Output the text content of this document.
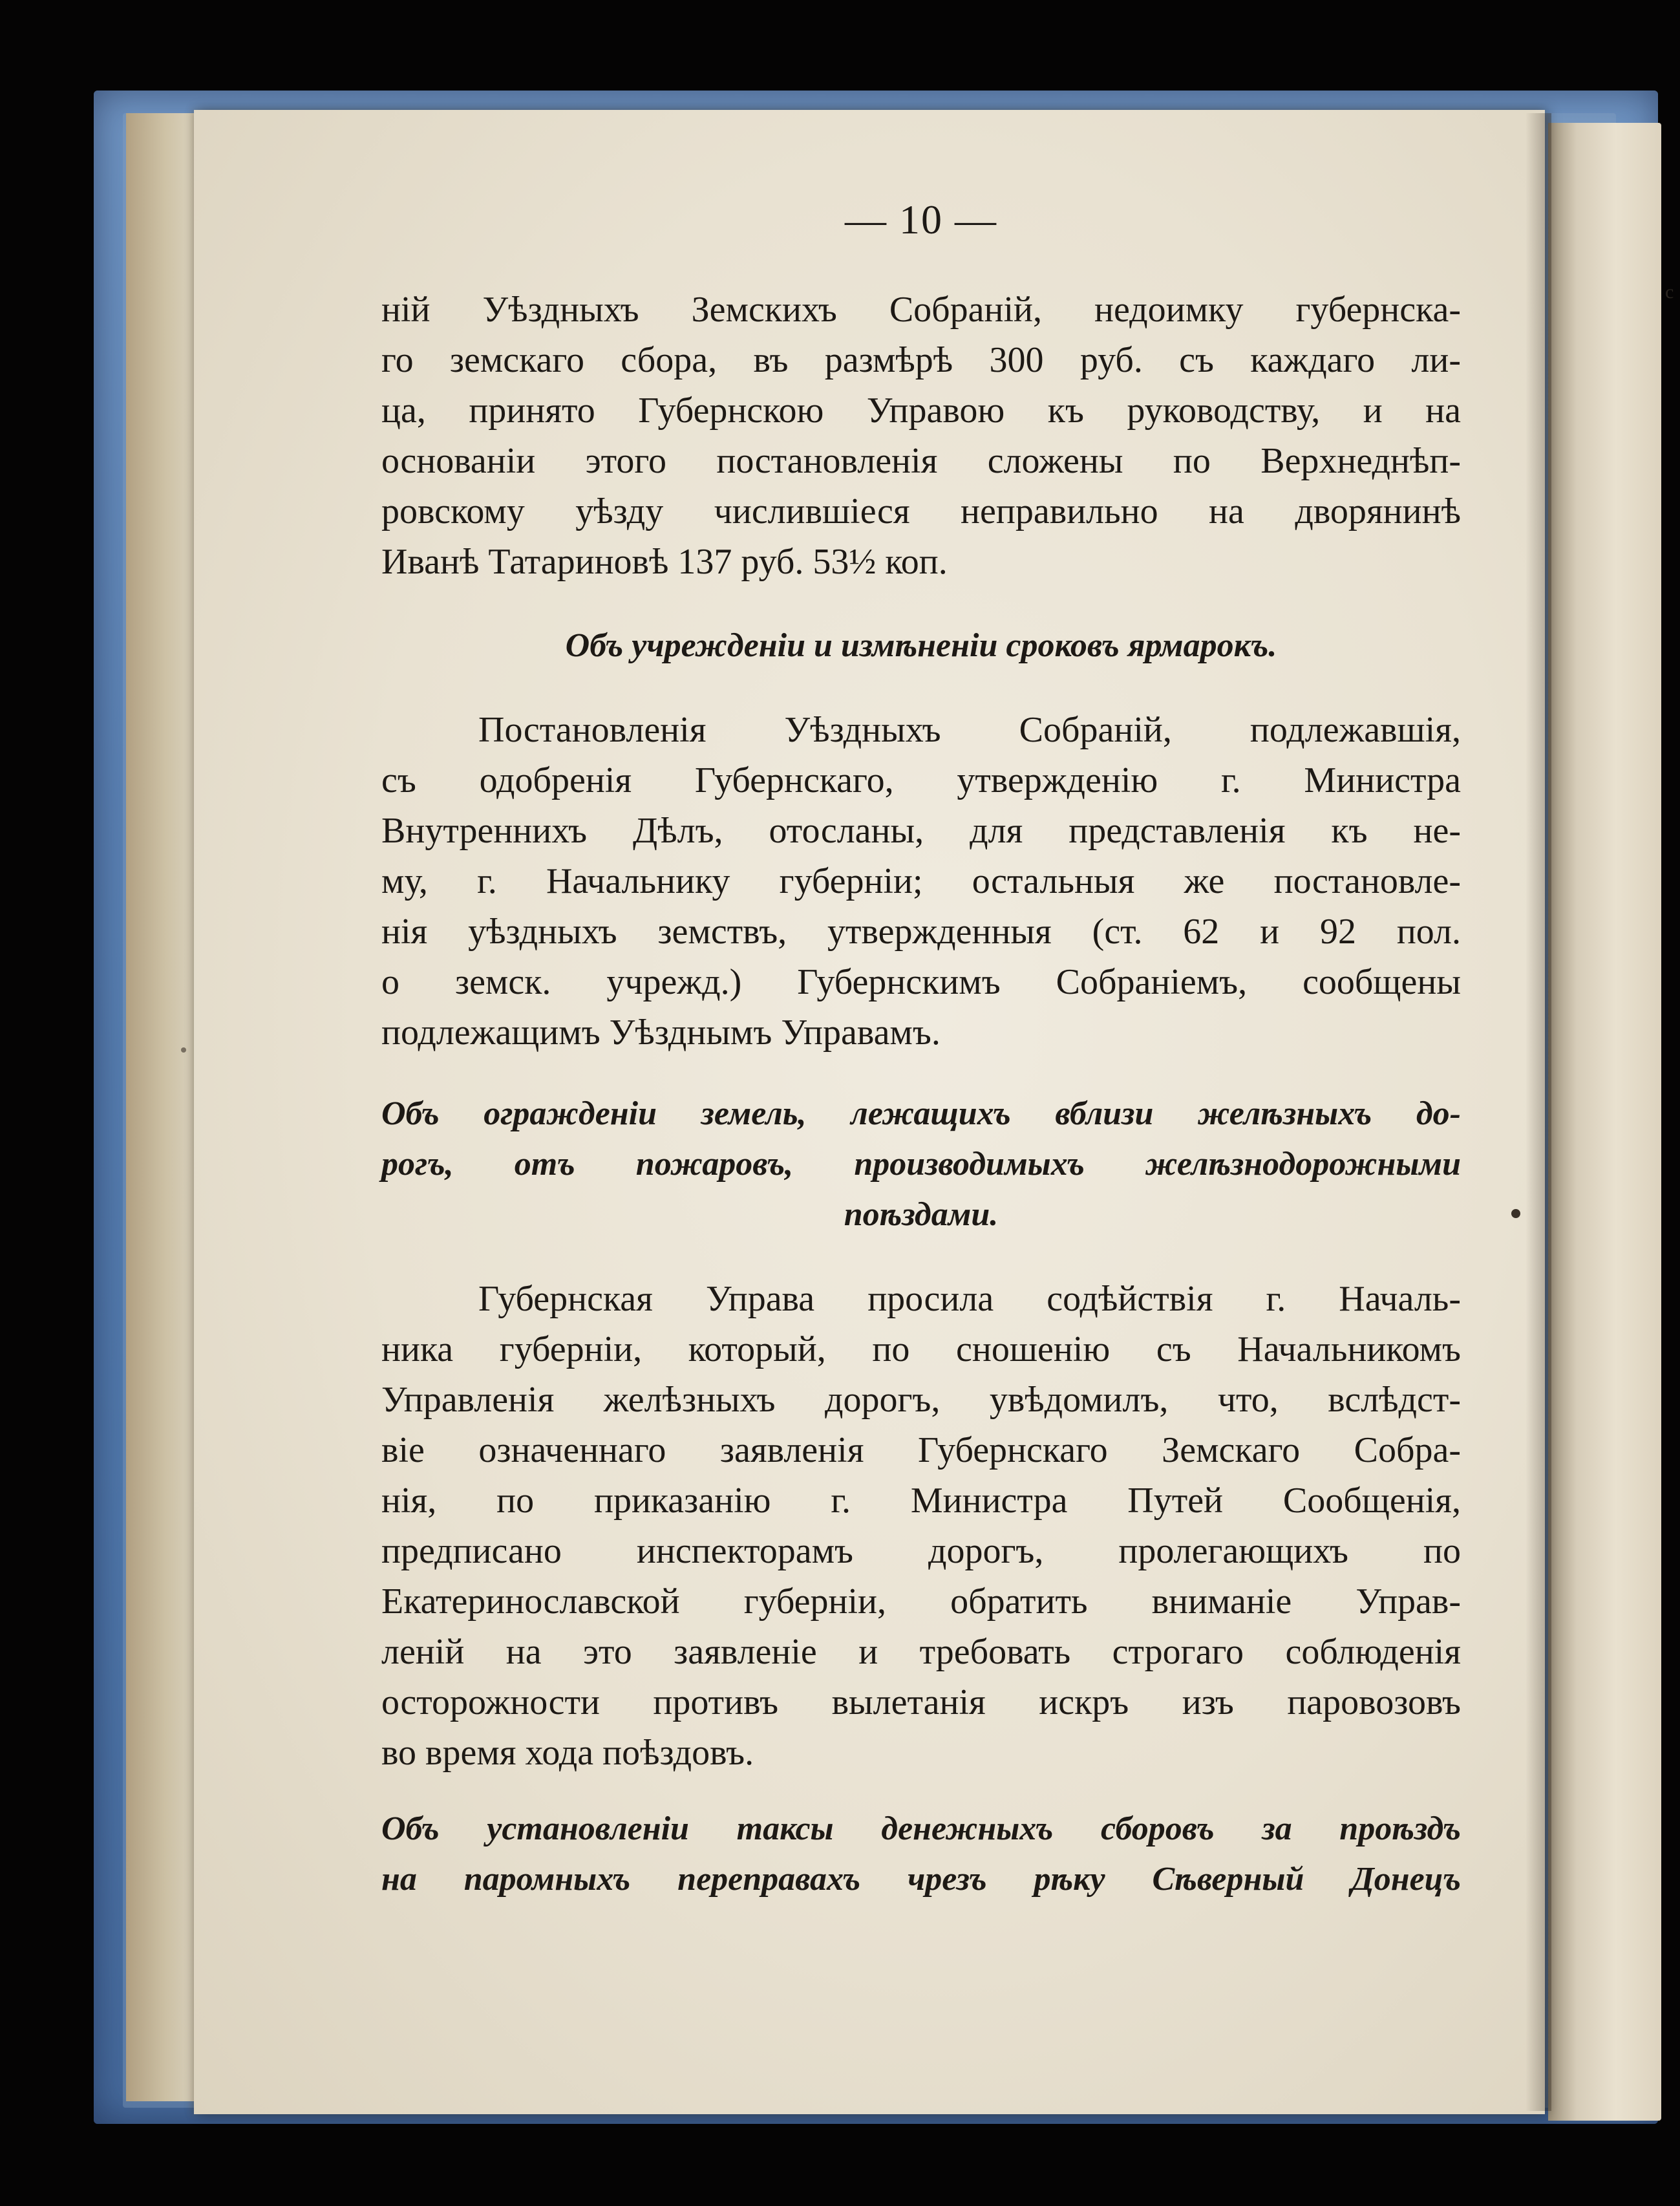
с
— 10 —
ній Уѣздныхъ Земскихъ Собраній, недоимку губернска-
го земскаго сбора, въ размѣрѣ 300 руб. съ каждаго ли-
ца, принято Губернскою Управою къ руководству, и на
основаніи этого постановленія сложены по Верхнеднѣп-
ровскому уѣзду числившіеся неправильно на дворянинѣ
Иванѣ Татариновѣ 137 руб. 53½ коп.
Объ учрежденіи и измѣненіи сроковъ ярмарокъ.
Постановленія Уѣздныхъ Собраній, подлежавшія,
съ одобренія Губернскаго, утвержденію г. Министра
Внутреннихъ Дѣлъ, отосланы, для представленія къ не-
му, г. Начальнику губерніи; остальныя же постановле-
нія уѣздныхъ земствъ, утвержденныя (ст. 62 и 92 пол.
о земск. учрежд.) Губернскимъ Собраніемъ, сообщены
подлежащимъ Уѣзднымъ Управамъ.
Объ огражденіи земель, лежащихъ вблизи желѣзныхъ до-
рогъ, отъ пожаровъ, производимыхъ желѣзнодорожными
поѣздами.
Губернская Управа просила содѣйствія г. Началь-
ника губерніи, который, по сношенію съ Начальникомъ
Управленія желѣзныхъ дорогъ, увѣдомилъ, что, вслѣдст-
віе означеннаго заявленія Губернскаго Земскаго Собра-
нія, по приказанію г. Министра Путей Сообщенія,
предписано инспекторамъ дорогъ, пролегающихъ по
Екатеринославской губерніи, обратить вниманіе Управ-
леній на это заявленіе и требовать строгаго соблюденія
осторожности противъ вылетанія искръ изъ паровозовъ
во время хода поѣздовъ.
Объ установленіи таксы денежныхъ сборовъ за проѣздъ
на паромныхъ переправахъ чрезъ рѣку Сѣверный Донецъ
